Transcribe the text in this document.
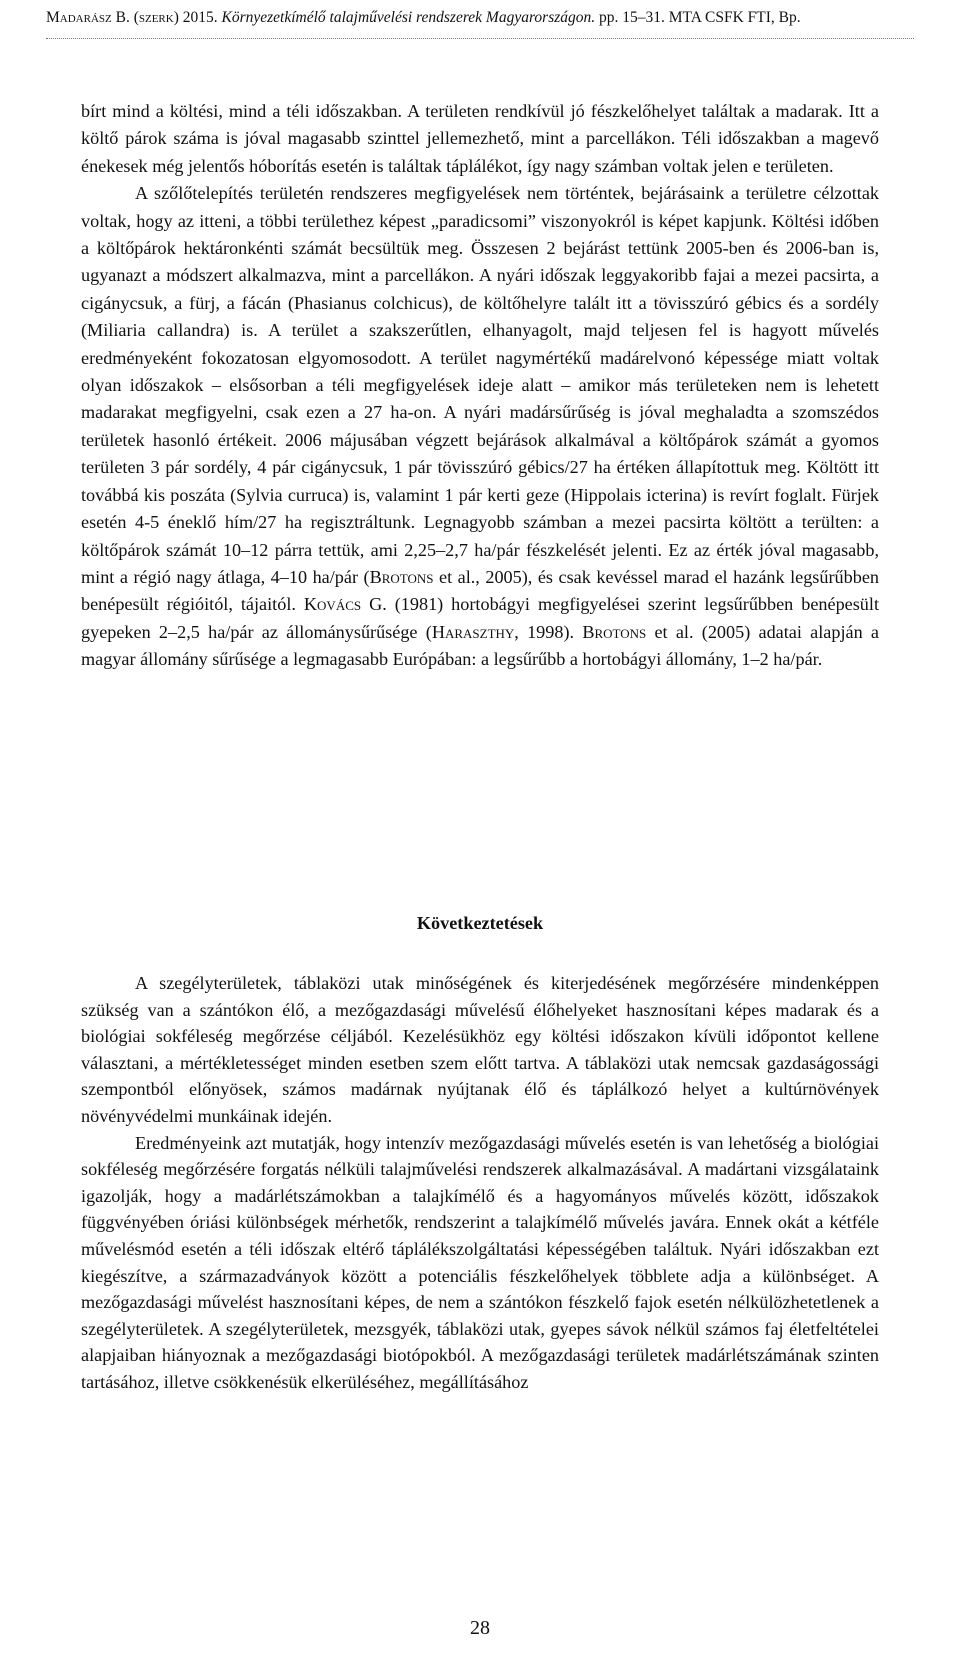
Madarász B. (szerk) 2015. Környezetkímélő talajművelési rendszerek Magyarországon. pp. 15–31. MTA CSFK FTI, Bp.

bírt mind a költési, mind a téli időszakban. A területen rendkívül jó fészkelőhelyet találtak a madarak. Itt a költő párok száma is jóval magasabb szinttel jellemezhető, mint a parcellákon. Téli időszakban a magevő énekesek még jelentős hóborítás esetén is találtak táplálékot, így nagy számban voltak jelen e területen.

A szőlőtelepítés területén rendszeres megfigyelések nem történtek, bejárásaink a területre célzottak voltak, hogy az itteni, a többi területhez képest „paradicsomi” viszonyokról is képet kapjunk. Költési időben a költőpárok hektáronkénti számát becsültük meg. Összesen 2 bejárást tettünk 2005-ben és 2006-ban is, ugyanazt a módszert alkalmazva, mint a parcellákon. A nyári időszak leggyakoribb fajai a mezei pacsirta, a cigánycsuk, a fürj, a fácán (Phasianus colchicus), de költőhelyre talált itt a tövisszúró gébics és a sordély (Miliaria callandra) is. A terület a szakszerűtlen, elhanyagolt, majd teljesen fel is hagyott művelés eredményeként fokozatosan elgyomosodott. A terület nagymértékű madárelvonó képessége miatt voltak olyan időszakok – elsősorban a téli megfigyelések ideje alatt – amikor más területeken nem is lehetett madarakat megfigyelni, csak ezen a 27 ha-on. A nyári madársűrűség is jóval meghaladta a szomszédos területek hasonló értékeit. 2006 májusában végzett bejárások alkalmával a költőpárok számát a gyomos területen 3 pár sordély, 4 pár cigánycsuk, 1 pár tövisszúró gébics/27 ha értéken állapítottuk meg. Költött itt továbbá kis poszáta (Sylvia curruca) is, valamint 1 pár kerti geze (Hippolais icterina) is revírt foglalt. Fürjek esetén 4-5 éneklő hím/27 ha regisztráltunk. Legnagyobb számban a mezei pacsirta költött a terülten: a költőpárok számát 10–12 párra tettük, ami 2,25–2,7 ha/pár fészkelését jelenti. Ez az érték jóval magasabb, mint a régió nagy átlaga, 4–10 ha/pár (Brotons et al., 2005), és csak kevéssel marad el hazánk legsűrűbben benépesült régióitól, tájaitól. Kovács G. (1981) hortobágyi megfigyelései szerint legsűrűbben benépesült gyepeken 2–2,5 ha/pár az állománysűrűsége (Haraszthy, 1998). Brotons et al. (2005) adatai alapján a magyar állomány sűrűsége a legmagasabb Európában: a legsűrűbb a hortobágyi állomány, 1–2 ha/pár.

Következtetések

A szegélyterületek, táblaközi utak minőségének és kiterjedésének megőrzésére mindenképpen szükség van a szántókon élő, a mezőgazdasági művelésű élőhelyeket hasznosítani képes madarak és a biológiai sokféleség megőrzése céljából. Kezelésükhöz egy költési időszakon kívüli időpontot kellene választani, a mértékletességet minden esetben szem előtt tartva. A táblaközi utak nemcsak gazdaságossági szempontból előnyösek, számos madárnak nyújtanak élő és táplálkozó helyet a kultúrnövények növényvédelmi munkáinak idején.

Eredményeink azt mutatják, hogy intenzív mezőgazdasági művelés esetén is van lehetőség a biológiai sokféleség megőrzésére forgatás nélküli talajművelési rendszerek alkalmazásával. A madártani vizsgálataink igazolják, hogy a madárlétszámokban a talajkímélő és a hagyományos művelés között, időszakok függvényében óriási különbségek mérhetők, rendszerint a talajkímélő művelés javára. Ennek okát a kétféle művelésmód esetén a téli időszak eltérő táplálékszolgáltatási képességében találtuk. Nyári időszakban ezt kiegészítve, a származadványok között a potenciális fészkelőhelyek többlete adja a különbséget. A mezőgazdasági művelést hasznosítani képes, de nem a szántókon fészkelő fajok esetén nélkülözhetetlenek a szegélyterületek. A szegélyterületek, mezsgyék, táblaközi utak, gyepes sávok nélkül számos faj életfeltételei alapjaiban hiányoznak a mezőgazdasági biotópokból. A mezőgazdasági területek madárlétszámának szinten tartásához, illetve csökkenésük elkerüléséhez, megállításához

28
